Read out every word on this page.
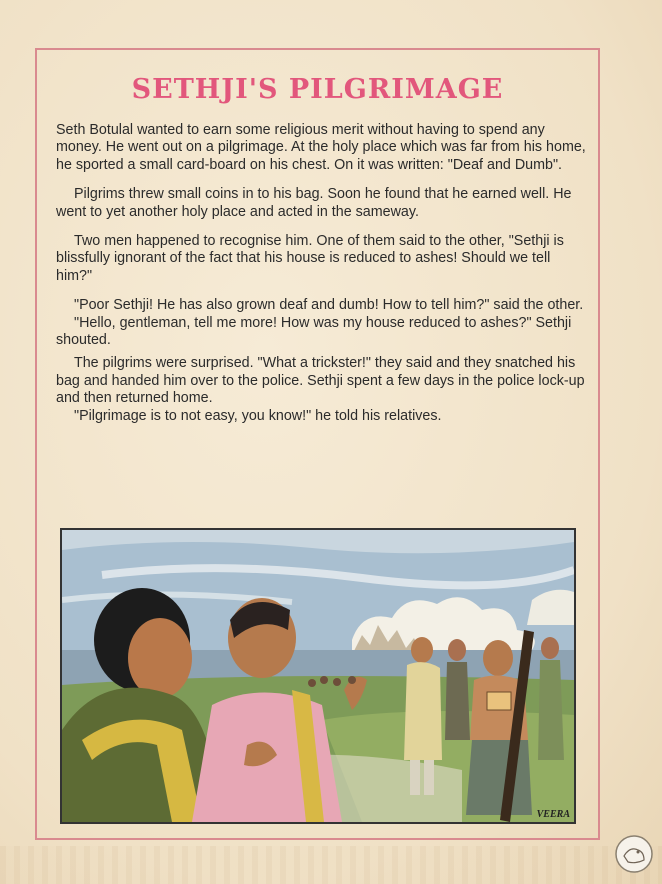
SETHJI'S PILGRIMAGE

Seth Botulal wanted to earn some religious merit without having to spend any money. He went out on a pilgrimage. At the holy place which was far from his home, he sported a small card-board on his chest. On it was written: "Deaf and Dumb".

Pilgrims threw small coins in to his bag. Soon he found that he earned well. He went to yet another holy place and acted in the sameway.

Two men happened to recognise him. One of them said to the other, "Sethji is blissfully ignorant of the fact that his house is reduced to ashes! Should we tell him?"

"Poor Sethji! He has also grown deaf and dumb! How to tell him?" said the other.

"Hello, gentleman, tell me more! How was my house reduced to ashes?" Sethji shouted.

The pilgrims were surprised. "What a trickster!" they said and they snatched his bag and handed him over to the police. Sethji spent a few days in the police lock-up and then returned home.

"Pilgrimage is to not easy, you know!" he told his relatives.

VEERA
